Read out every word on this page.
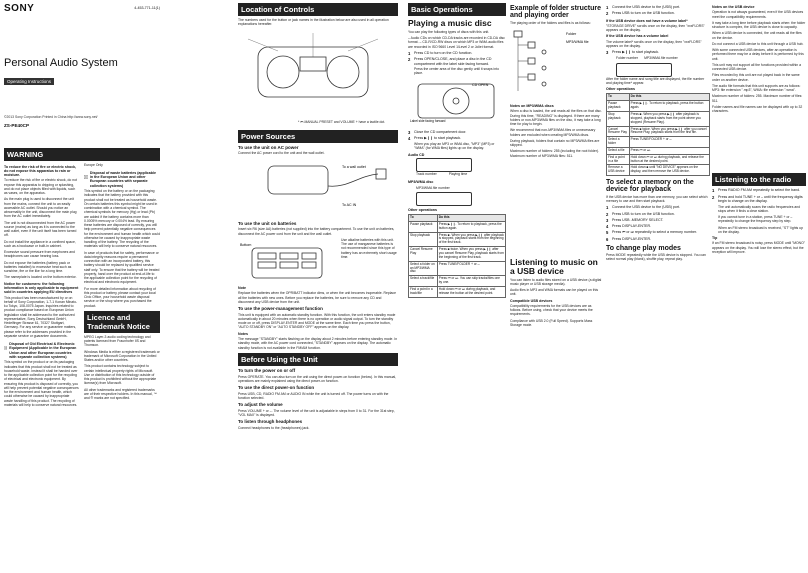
SONY	4-453-771-11(1)
Personal Audio System
Operating Instructions
©2013 Sony Corporation Printed in China http://www.sony.net/
ZS-PE40CP
WARNING
To reduce the risk of fire or electric shock, do not expose this apparatus to rain or moisture.
To reduce the risk of fire or electric shock, do not expose this apparatus to dripping or splashing, and do not place objects filled with liquids, such as vases, on the apparatus.
As the main plug is used to disconnect the unit from the mains, connect the unit to an easily accessible AC outlet. Should you notice an abnormality in the unit, disconnect the main plug from the AC outlet immediately.
The unit is not disconnected from the AC power source (mains) as long as it is connected to the wall outlet, even if the unit itself has been turned off.
Do not install the appliance in a confined space, such as a bookcase or built-in cabinet.
Excessive sound pressure from earphones and headphones can cause hearing loss.
Do not expose the batteries (battery pack or batteries installed) to excessive heat such as sunshine, fire or the like for a long time.
The nameplate is located on the bottom exterior.
Notice for customers: the following information is only applicable to equipment sold in countries applying EU directives
This product has been manufactured by or on behalf of Sony Corporation, 1-7-1 Konan Minato-ku Tokyo, 108-0075 Japan. Inquiries related to product compliance based on European Union legislation shall be addressed to the authorized representative, Sony Deutschland GmbH, Hedelfinger Strasse 61, 70327 Stuttgart, Germany. For any service or guarantee matters, please refer to the addresses provided in the separate service or guarantee documents.
Disposal of Old Electrical & Electronic Equipment (Applicable in the European Union and other European countries with separate collection systems)
This symbol on the product or on its packaging indicates that this product shall not be treated as household waste. Instead it shall be handed over to the applicable collection point for the recycling of electrical and electronic equipment. By ensuring this product is disposed of correctly, you will help prevent potential negative consequences for the environment and human health, which could otherwise be caused by inappropriate waste handling of this product. The recycling of materials will help to conserve natural resources.
Europe Only
Disposal of waste batteries (applicable in the European Union and other European countries with separate collection systems)
This symbol on the battery or on the packaging indicates that the battery provided with this product shall not be treated as household waste. On certain batteries this symbol might be used in combination with a chemical symbol. The chemical symbols for mercury (Hg) or lead (Pb) are added if the battery contains more than 0.0005% mercury or 0.004% lead. By ensuring these batteries are disposed of correctly, you will help prevent potentially negative consequences for the environment and human health which could otherwise be caused by inappropriate waste handling of the battery. The recycling of the materials will help to conserve natural resources.
In case of products that for safety, performance or data integrity reasons require a permanent connection with an incorporated battery, this battery should be replaced by qualified service staff only. To ensure that the battery will be treated properly, hand over the product at end-of-life to the applicable collection point for the recycling of electrical and electronic equipment.
For more detailed information about recycling of this product or battery, please contact your local Civic Office, your household waste disposal service or the shop where you purchased the product.
Licence and Trademark Notice
MPEG Layer-3 audio coding technology and patents licensed from Fraunhofer IIS and Thomson.
Windows Media is either a registered trademark or trademark of Microsoft Corporation in the United States and/or other countries.
This product contains technology subject to certain intellectual property rights of Microsoft. Use or distribution of this technology outside of this product is prohibited without the appropriate license(s) from Microsoft.
All other trademarks and registered trademarks are of their respective holders. In this manual, ™ and ® marks are not specified.
Location of Controls
The numbers used for the button or jack names in the illustration below are also used in all operation explanations hereafter.
* ⏮-MANUAL PRESET and VOLUME + have a tactile dot.
Power Sources
To use the unit on AC power
Connect the AC power cord to the unit and the wall outlet.
To a wall outlet
To AC IN
To use the unit on batteries
Insert six R6 (size AA) batteries (not supplied) into the battery compartment. To use the unit on batteries, disconnect the AC power cord from the unit and the wall outlet.
Bottom
Use alkaline batteries with this unit. The use of manganese batteries is not recommended since this type of battery has an extremely short usage time.
Note
Replace the batteries when the OPR/BATT indicator dims, or when the unit becomes inoperable. Replace all the batteries with new ones. Before you replace the batteries, be sure to remove any CD and disconnect any USB device from the unit.
To use the power-management function
This unit is equipped with an automatic standby function. With this function, the unit enters standby mode automatically in about 20 minutes when there is no operation or audio signal output. To turn the standby mode on or off, press DISPLAY-ENTER and MODE at the same time. Each time you press the button, "AUTO STANDBY ON" or "AUTO STANDBY OFF" appears on the display.
Notes
The message "STANDBY" starts flashing on the display about 2 minutes before entering standby mode. In standby mode, with the AC power cord connected, "STANDBY" appears on the display. The automatic standby function is not available in the FM/AM function.
Before Using the Unit
To turn the power on or off
Press OPERATE. You can also turn on the unit using the direct power-on function (below). In this manual, operations are mainly explained using the direct power-on function.
To use the direct power-on function
Press USB, CD, RADIO FM AM or AUDIO IN while the unit is turned off. The power turns on with the function selected.
To adjust the volume
Press VOLUME + or –. The volume level of the unit is adjustable in steps from 0 to 31. For the 31st step, "VOL MAX" is displayed.
To listen through headphones
Connect headphones to the (headphones) jack.
Basic Operations
Playing a music disc
You can play the following types of discs with this unit.
– Audio CDs on which CD-DA tracks are recorded in CD-DA disc format. – CD-R/CD-RW discs on which MP3 or WMA audio files are recorded in ISO 9660 Level 1/Level 2 or Joliet format.
1	Press CD to turn on the CD function.
2	Press OPEN/CLOSE, and place a disc in the CD compartment with the label side facing forward.
Press the center area of the disc gently until it snaps into place.
CD OPEN
Label side facing forward
3	Close the CD compartment door.
4	Press ▶❙❙ to start playback.
When you play an MP3 or WMA disc, "MP3" (MP3) or "WMA" (for WMA files) lights up on the display.
Audio CD
Track number	Playing time
MP3/WMA disc
MP3/WMA file number
Other operations
To	Do this
Pause playback	Press ▶❙❙. To return to playback, press the button again.
Stop playback	Press ■. When you press ▶❙❙ after playback is stopped, playback starts from the beginning of the first track.
Cancel Resume Play	Press ■ twice. When you press ▶❙❙ after you cancel Resume Play, playback starts from the beginning of the first track.
Select a folder on an MP3/WMA disc	Press TUNE/FOLDER + or –.
Select a track/file	Press ⏮ or ⏭. You can skip tracks/files one by one.
Find a point in a track/file	Hold down ⏮ or ⏭ during playback, and release the button at the desired point.
Example of folder structure and playing order
The playing order of the folders and files is as follows:
Folder
MP3/WMA file
Notes on MP3/WMA discs
When a disc is loaded, the unit reads all the files on that disc. During this time, "READING" is displayed. If there are many folders or non-MP3/WMA files on the disc, it may take a long time for play to begin.
We recommend that non-MP3/WMA files or unnecessary folders are excluded when creating MP3/WMA discs.
During playback, folders that contain no MP3/WMA files are skipped.
Maximum number of folders: 255 (including the root folder). Maximum number of MP3/WMA files: 511.
Listening to music on a USB device
You can listen to audio files stored on a USB device (a digital music player or USB storage media).
Audio files in MP3 and WMA formats can be played on this unit.
Compatible USB devices
Compatibility requirements for the USB devices are as follows. Before using, check that your device meets the requirements.
Compliance with USB 2.0 (Full Speed). Supports Mass Storage mode.
1	Connect the USB device to the (USB) port.
2	Press USB to turn on the USB function.
If the USB device does not have a volume label*
"STORAGE DRIVE" scrolls once on the display, then "xxxFLDRS" appears on the display.
If the USB device has a volume label
The volume label* scrolls once on the display, then "xxxFLDRS" appears on the display.
3	Press ▶❙❙ to start playback.
Folder number MP3/WMA file number
After the folder name and song title are displayed, the file number and playing time* appear.
Other operations
To	Do this
Pause playback	Press ▶❙❙. To return to playback, press the button again.
Stop playback	Press ■. When you press ▶❙❙ after playback is stopped, playback starts from the point where you stopped (Resume Play).
Cancel Resume Play	Press ■ twice. When you press ▶❙❙ after you cancel Resume Play, playback starts from the first file.
Select a folder	Press TUNE/FOLDER + or –.
Select a file	Press ⏮ or ⏭.
Find a point in a file	Hold down ⏮ or ⏭ during playback, and release the button at the desired point.
Remove a USB device	Hold down ■ until "NO DEVICE" appears on the display, and then remove the USB device.
To select a memory on the device for playback
If the USB device has more than one memory, you can select which memory to use and then start playback.
1	Connect the USB device to the (USB) port.
2	Press USB to turn on the USB function.
3	Press USB -MEMORY SELECT.
4	Press DISPLAY-ENTER.
5	Press ⏮ or ⏭ repeatedly to select a memory number.
6	Press DISPLAY-ENTER.
To change play modes
Press MODE repeatedly while the USB device is stopped. You can select normal play (blank), shuffle play, repeat play.
Notes on the USB device
Operation is not always guaranteed, even if the USB devices meet the compatibility requirements.
It may take a long time before playback starts when: the folder structure is complex, the USB device is close to capacity.
When a USB device is connected, the unit reads all the files on the device.
Do not connect a USB device to this unit through a USB hub.
With some connected USB devices, after an operation is performed there may be a delay before it is performed by this unit.
This unit may not support all the functions provided within a connected USB device.
Files recorded by this unit are not played back in the same order on another device.
The audio file formats that this unit supports are as follows: MP3: file extension ".mp3", WMA: file extension ".wma".
Maximum number of folders: 255. Maximum number of files: 511.
Folder names and file names can be displayed with up to 32 characters.
Listening to the radio
1	Press RADIO FM AM repeatedly to select the band.
2	Press and hold TUNE + or – until the frequency digits begin to change on the display.
The unit automatically scans the radio frequencies and stops when it finds a clear station.
If you cannot tune in a station, press TUNE + or – repeatedly to change the frequency step by step.
When an FM stereo broadcast is received, "ST" lights up on the display.
Tip
If an FM stereo broadcast is noisy, press MODE until "MONO" appears on the display. You will lose the stereo effect, but the reception will improve.
